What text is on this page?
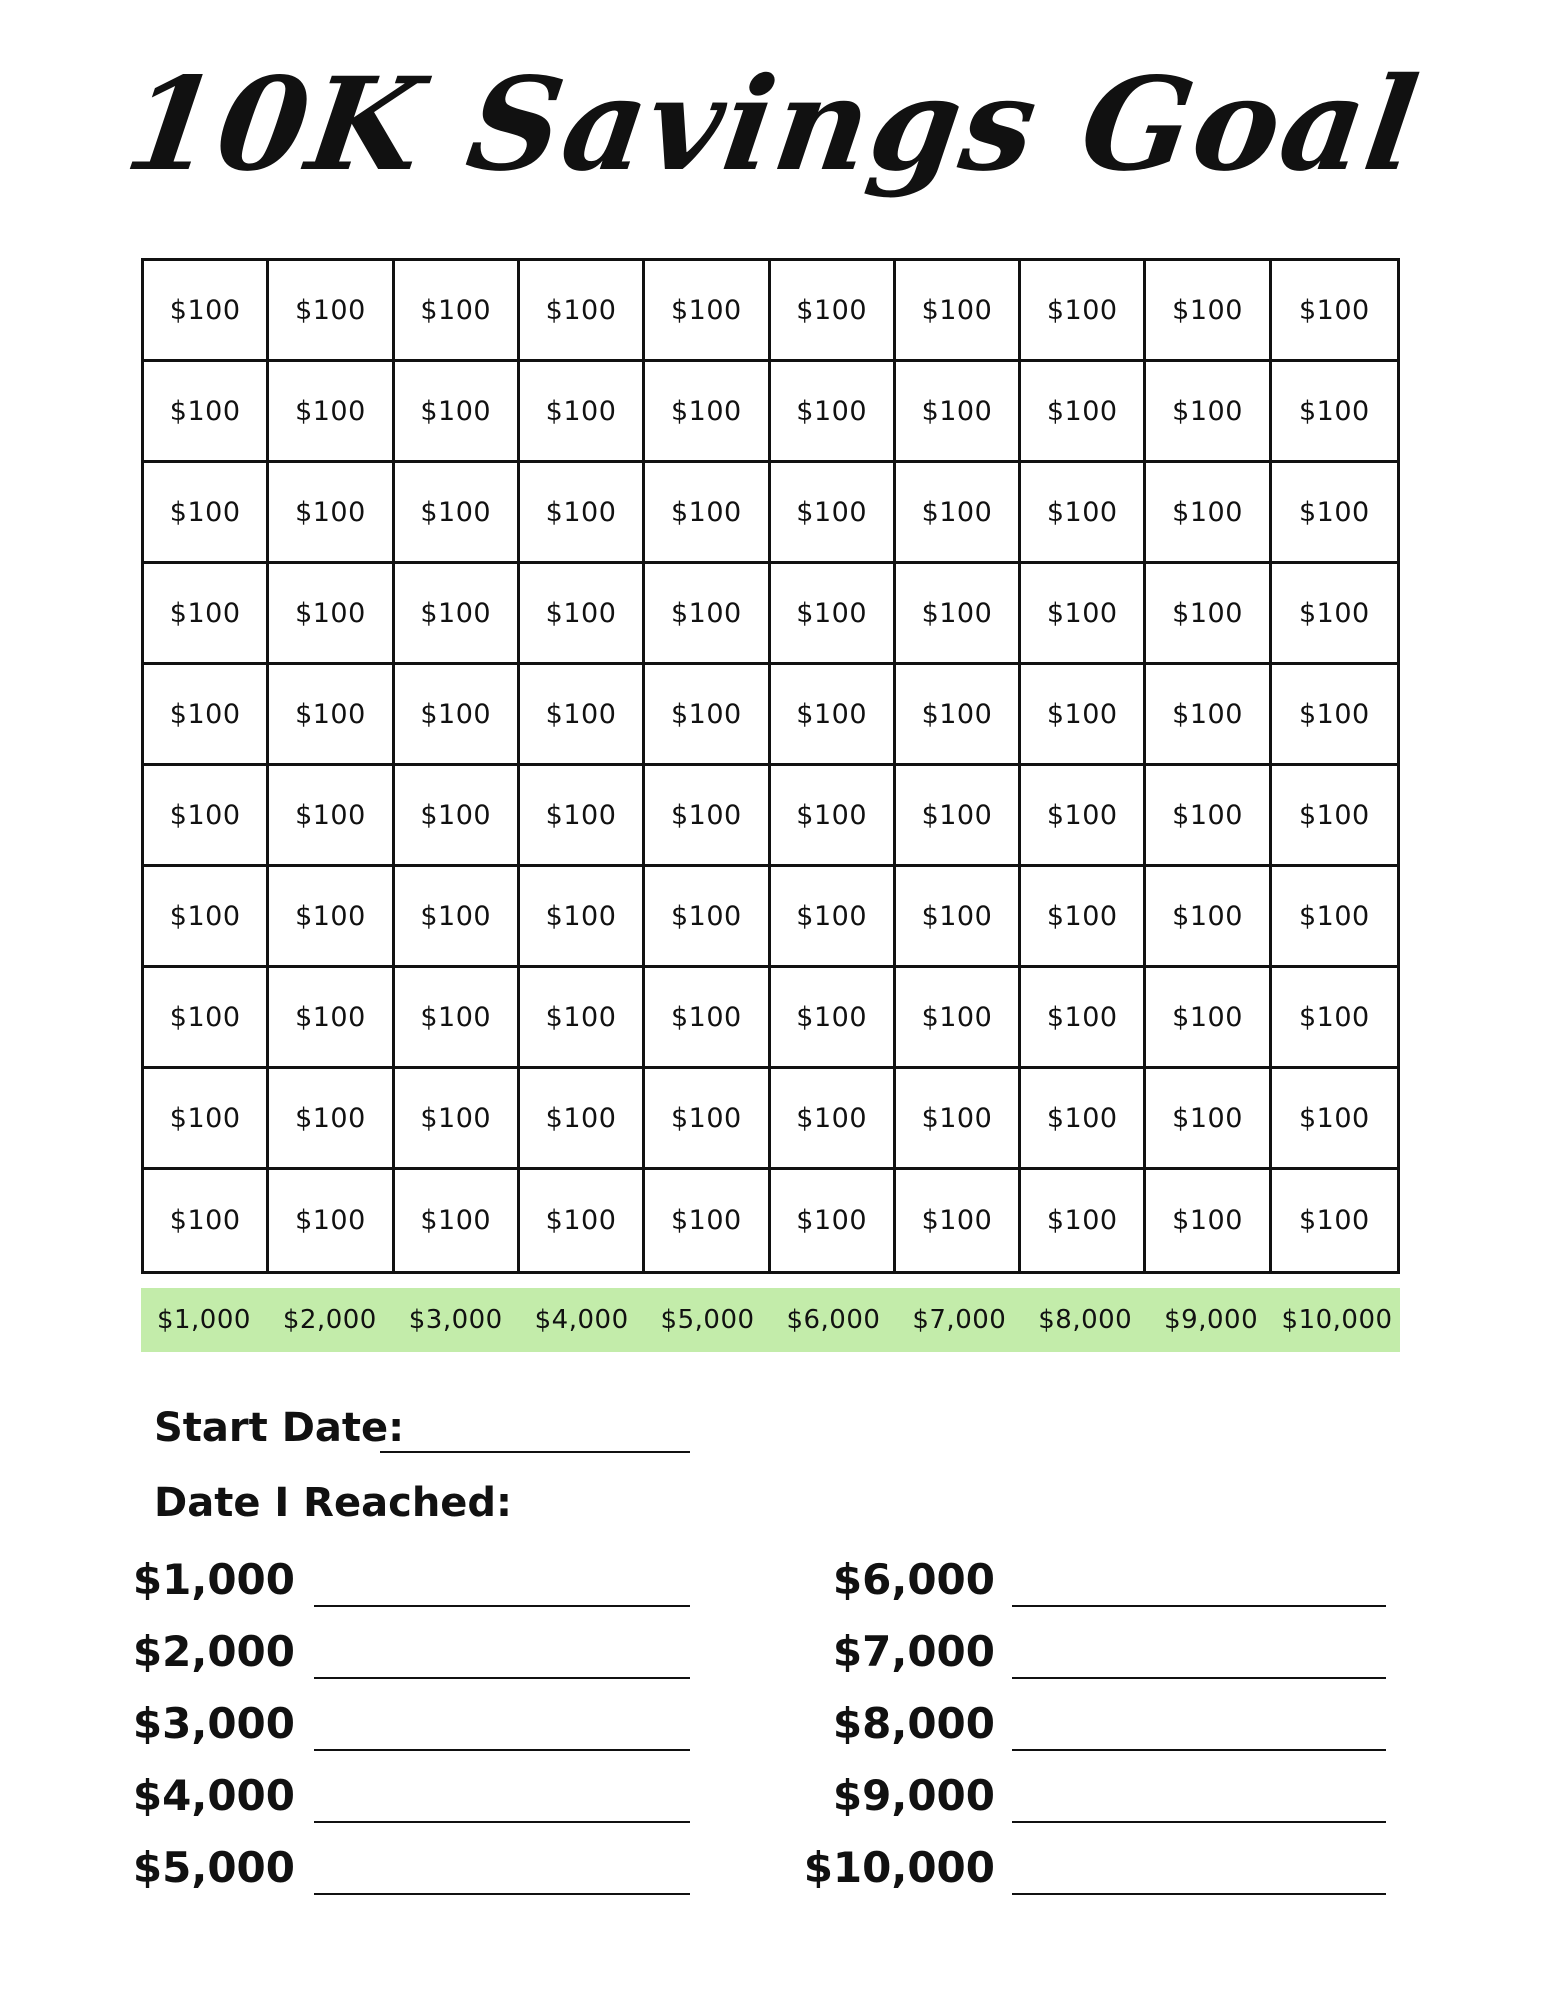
10K Savings Goal
$100	$100	$100	$100	$100	$100	$100	$100	$100	$100
$100	$100	$100	$100	$100	$100	$100	$100	$100	$100
$100	$100	$100	$100	$100	$100	$100	$100	$100	$100
$100	$100	$100	$100	$100	$100	$100	$100	$100	$100
$100	$100	$100	$100	$100	$100	$100	$100	$100	$100
$100	$100	$100	$100	$100	$100	$100	$100	$100	$100
$100	$100	$100	$100	$100	$100	$100	$100	$100	$100
$100	$100	$100	$100	$100	$100	$100	$100	$100	$100
$100	$100	$100	$100	$100	$100	$100	$100	$100	$100
$100	$100	$100	$100	$100	$100	$100	$100	$100	$100
$1,000	$2,000	$3,000	$4,000	$5,000	$6,000	$7,000	$8,000	$9,000 $10,000
Start Date:
Date I Reached:
$1,000
$2,000
$3,000
$4,000
$5,000
$6,000
$7,000
$8,000
$9,000
$10,000
